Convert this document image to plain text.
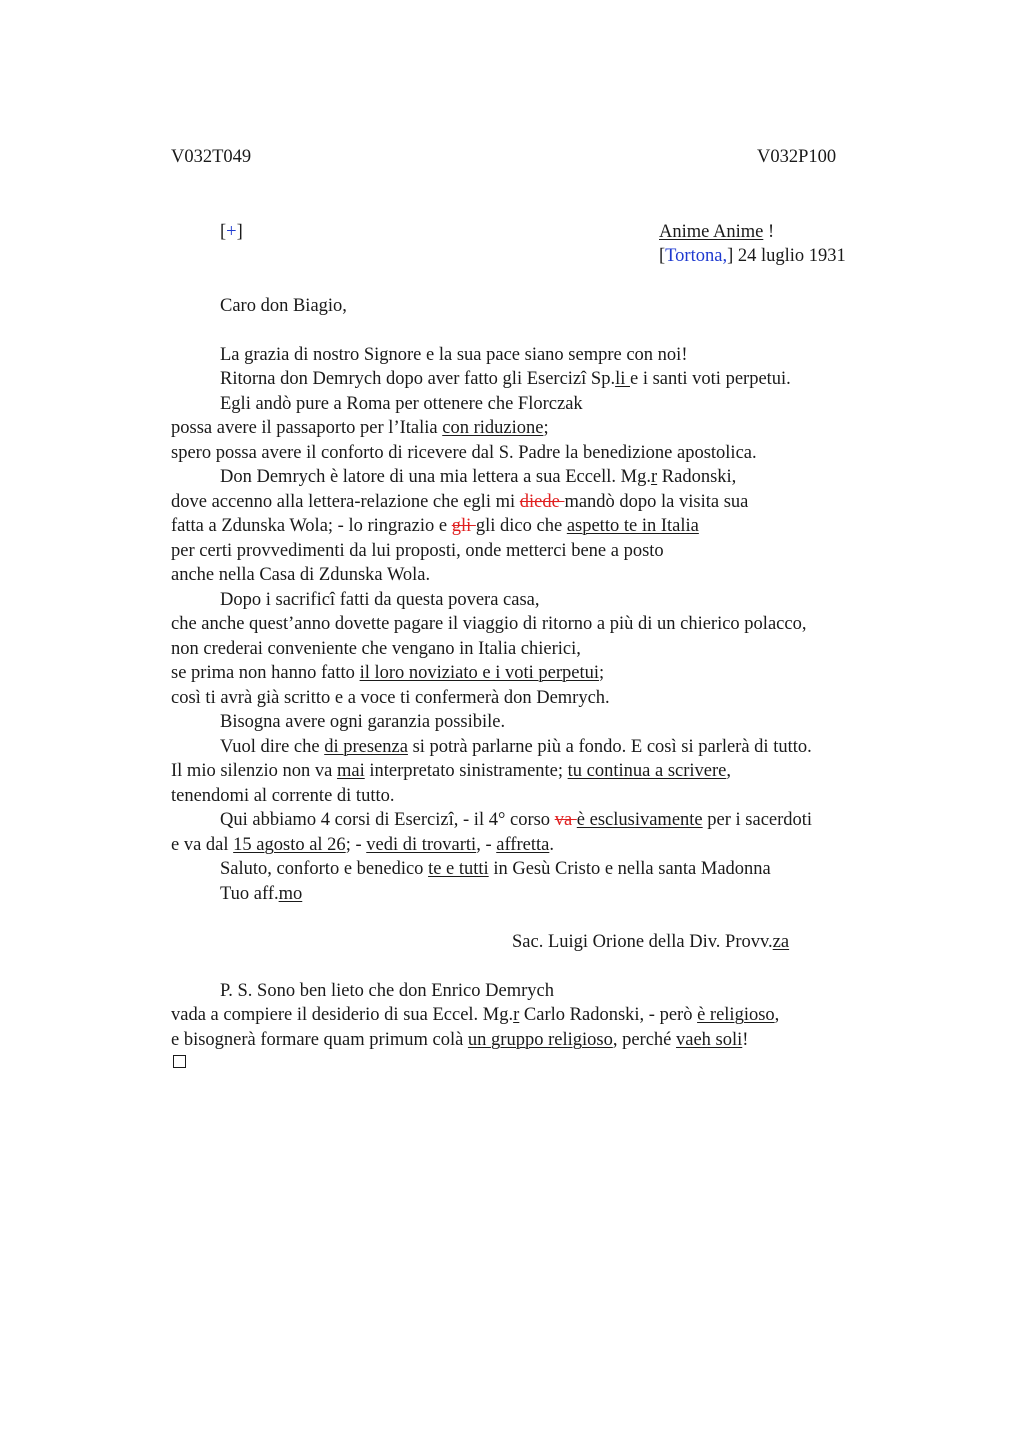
V032T049	V032P100
[+]	Anime Anime !
[Tortona,] 24 luglio 1931
Caro don Biagio,
La grazia di nostro Signore e la sua pace siano sempre con noi!
Ritorna don Demrych dopo aver fatto gli Esercizi Sp.li e i santi voti perpetui.
Egli andò pure a Roma per ottenere che Florczak
possa avere il passaporto per l’Italia con riduzione;
spero possa avere il conforto di ricevere dal S. Padre la benedizione apostolica.
Don Demrych è latore di una mia lettera a sua Eccell. Mg.r Radonski,
dove accenno alla lettera-relazione che egli mi diede mandò dopo la visita sua
fatta a Zdunska Wola; - lo ringrazio e gli gli dico che aspetto te in Italia
per certi provvedimenti da lui proposti, onde metterci bene a posto
anche nella Casa di Zdunska Wola.
Dopo i sacrifici fatti da questa povera casa,
che anche quest’anno dovette pagare il viaggio di ritorno a più di un chierico polacco,
non crederai conveniente che vengano in Italia chierici,
se prima non hanno fatto il loro noviziato e i voti perpetui;
così ti avrà già scritto e a voce ti confermerà don Demrych.
Bisogna avere ogni garanzia possibile.
Vuol dire che di presenza si potrà parlarne più a fondo. E così si parlerà di tutto.
Il mio silenzio non va mai interpretato sinistramente; tu continua a scrivere,
tenendomi al corrente di tutto.
Qui abbiamo 4 corsi di Esercizi, - il 4° corso va è esclusivamente per i sacerdoti
e va dal 15 agosto al 26; - vedi di trovarti, - affretta.
Saluto, conforto e benedico te e tutti in Gesù Cristo e nella santa Madonna
Tuo aff.mo
Sac. Luigi Orione della Div. Provv.za
P. S. Sono ben lieto che don Enrico Demrych
vada a compiere il desiderio di sua Eccel. Mg.r Carlo Radonski, - però è religioso,
e bisognerà formare quam primum colà un gruppo religioso, perché vaeh soli!
